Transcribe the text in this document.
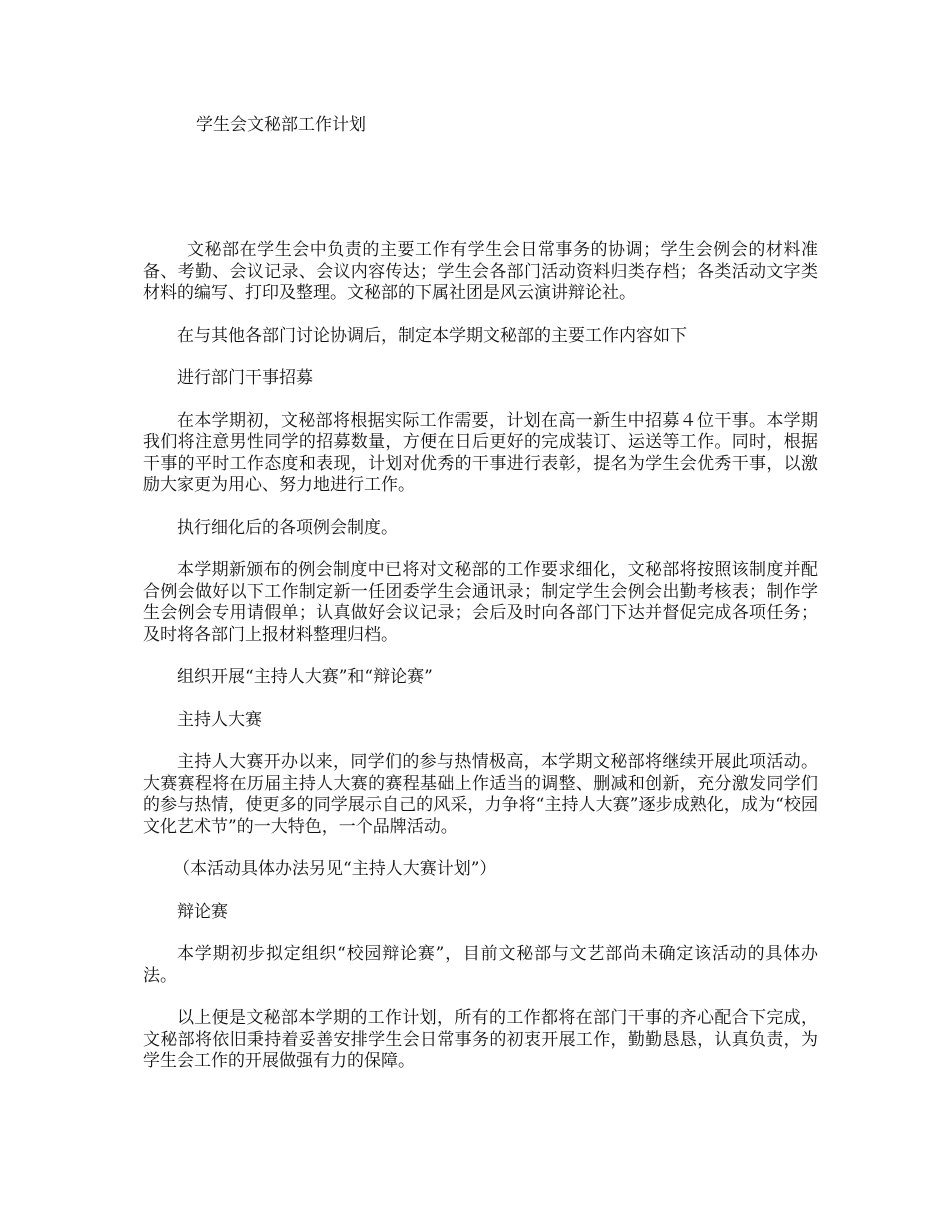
学生会文秘部工作计划

文秘部在学生会中负责的主要工作有学生会日常事务的协调；学生会例会的材料准备、考勤、会议记录、会议内容传达；学生会各部门活动资料归类存档；各类活动文字类材料的编写、打印及整理。文秘部的下属社团是风云演讲辩论社。

在与其他各部门讨论协调后，制定本学期文秘部的主要工作内容如下

进行部门干事招募

在本学期初，文秘部将根据实际工作需要，计划在高一新生中招募４位干事。本学期我们将注意男性同学的招募数量，方便在日后更好的完成装订、运送等工作。同时，根据干事的平时工作态度和表现，计划对优秀的干事进行表彰，提名为学生会优秀干事，以激励大家更为用心、努力地进行工作。

执行细化后的各项例会制度。

本学期新颁布的例会制度中已将对文秘部的工作要求细化，文秘部将按照该制度并配合例会做好以下工作制定新一任团委学生会通讯录；制定学生会例会出勤考核表；制作学生会例会专用请假单；认真做好会议记录；会后及时向各部门下达并督促完成各项任务；及时将各部门上报材料整理归档。

组织开展“主持人大赛”和“辩论赛”

主持人大赛

主持人大赛开办以来，同学们的参与热情极高，本学期文秘部将继续开展此项活动。大赛赛程将在历届主持人大赛的赛程基础上作适当的调整、删减和创新，充分激发同学们的参与热情，使更多的同学展示自己的风采，力争将“主持人大赛”逐步成熟化，成为“校园文化艺术节”的一大特色，一个品牌活动。

（本活动具体办法另见“主持人大赛计划”）

辩论赛

本学期初步拟定组织“校园辩论赛”，目前文秘部与文艺部尚未确定该活动的具体办法。

以上便是文秘部本学期的工作计划，所有的工作都将在部门干事的齐心配合下完成，文秘部将依旧秉持着妥善安排学生会日常事务的初衷开展工作，勤勤恳恳，认真负责，为学生会工作的开展做强有力的保障。
